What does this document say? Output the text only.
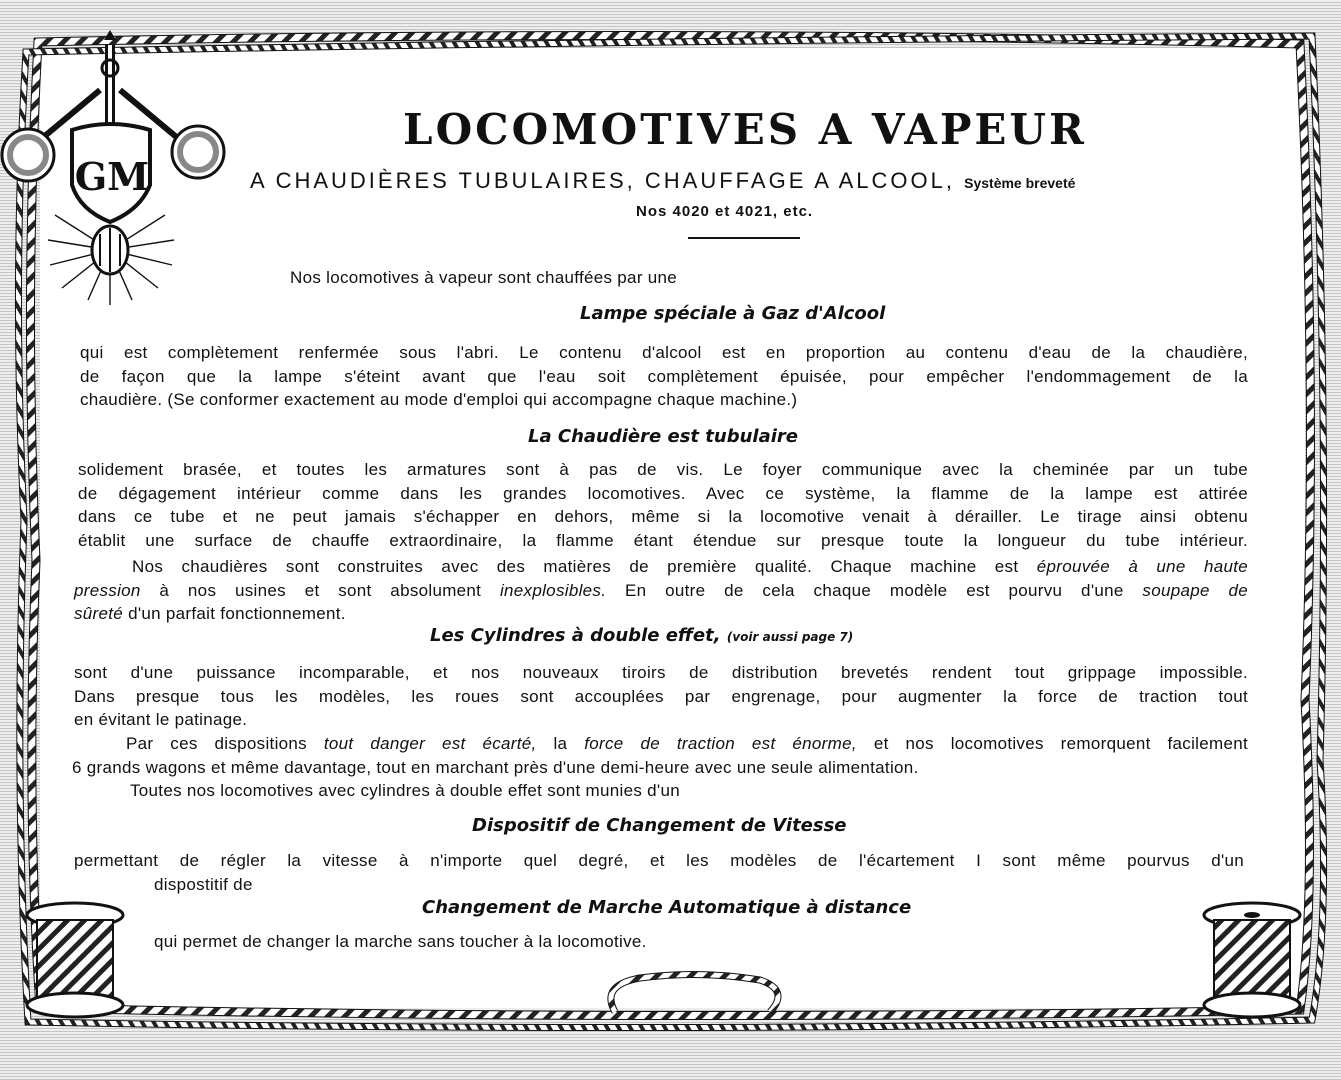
GM
LOCOMOTIVES A VAPEUR
A CHAUDIÈRES TUBULAIRES, CHAUFFAGE A ALCOOL, Système breveté
Nos 4020 et 4021, etc.
Nos locomotives à vapeur sont chauffées par une
Lampe spéciale à Gaz d'Alcool
qui est complètement renfermée sous l'abri. Le contenu d'alcool est en proportion au contenu d'eau de la chaudière,
de façon que la lampe s'éteint avant que l'eau soit complètement épuisée, pour empêcher l'endommagement de la
chaudière. (Se conformer exactement au mode d'emploi qui accompagne chaque machine.)
La Chaudière est tubulaire
solidement brasée, et toutes les armatures sont à pas de vis. Le foyer communique avec la cheminée par un tube
de dégagement intérieur comme dans les grandes locomotives. Avec ce système, la flamme de la lampe est attirée
dans ce tube et ne peut jamais s'échapper en dehors, même si la locomotive venait à dérailler. Le tirage ainsi obtenu
établit une surface de chauffe extraordinaire, la flamme étant étendue sur presque toute la longueur du tube intérieur.
Nos chaudières sont construites avec des matières de première qualité. Chaque machine est éprouvée à une haute
pression à nos usines et sont absolument inexplosibles. En outre de cela chaque modèle est pourvu d'une soupape de
sûreté d'un parfait fonctionnement.
Les Cylindres à double effet, (voir aussi page 7)
sont d'une puissance incomparable, et nos nouveaux tiroirs de distribution brevetés rendent tout grippage impossible.
Dans presque tous les modèles, les roues sont accouplées par engrenage, pour augmenter la force de traction tout
en évitant le patinage.
Par ces dispositions tout danger est écarté, la force de traction est énorme, et nos locomotives remorquent facilement
6 grands wagons et même davantage, tout en marchant près d'une demi-heure avec une seule alimentation.
Toutes nos locomotives avec cylindres à double effet sont munies d'un
Dispositif de Changement de Vitesse
permettant de régler la vitesse à n'importe quel degré, et les modèles de l'écartement I sont même pourvus d'un
dispostitif de
Changement de Marche Automatique à distance
qui permet de changer la marche sans toucher à la locomotive.
